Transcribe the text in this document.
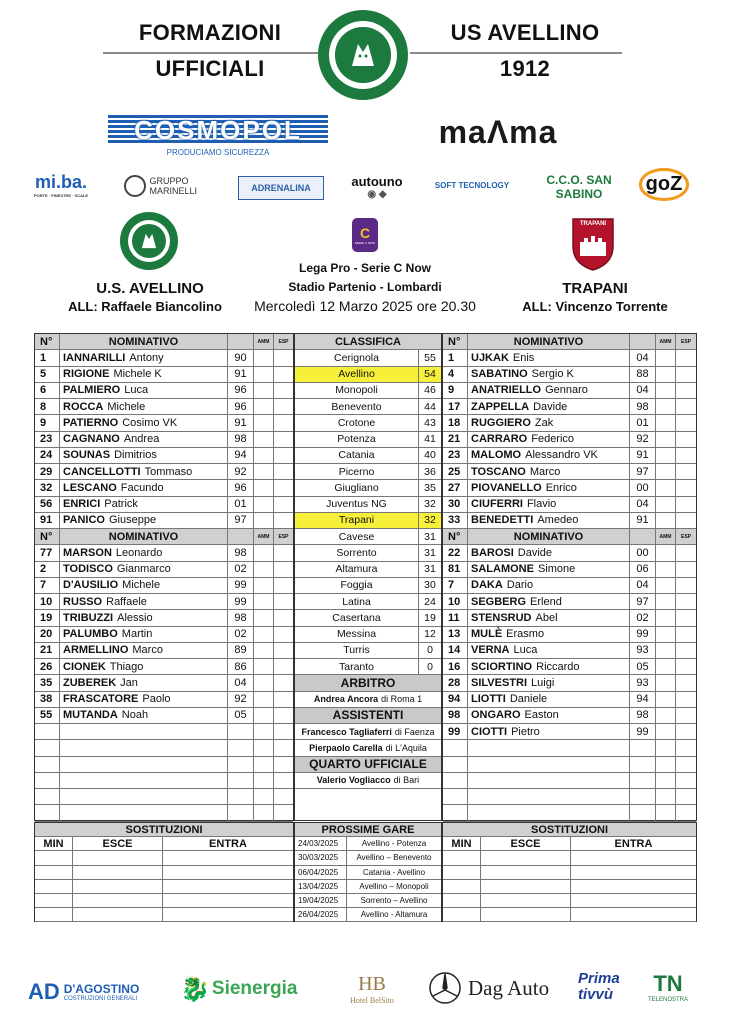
FORMAZIONI
UFFICIALI
US AVELLINO
1912
COSMOPOL
PRODUCIAMO SICUREZZA
maɅma
mi.ba.
PORTE · FINESTRE · SCALE
GRUPPO MARINELLI	ADRENALINA	autouno
◉ ◆
SOFT TECNOLOGY	C.C.O. SAN SABINO	goZ
U.S. AVELLINO
ALL: Raffaele Biancolino
C
SERIE C NOW
Lega Pro - Serie C Now
Stadio Partenio - Lombardi
Mercoledì 12 Marzo 2025 ore 20.30
TRAPANI
TRAPANI
ALL: Vincenzo Torrente
N°	NOMINATIVO	AMM	ESP
1	IANNARILLI Antony	90
5	RIGIONE Michele K	91
6	PALMIERO Luca	96
8	ROCCA Michele	96
9	PATIERNO Cosimo VK	91
23 CAGNANO Andrea	98
24 SOUNAS Dimitrios	94
29 CANCELLOTTI Tommaso	92
32 LESCANO Facundo	96
56 ENRICI Patrick	01
91 PANICO Giuseppe	97
N°	NOMINATIVO	AMM	ESP
77 MARSON Leonardo	98
2	TODISCO Gianmarco	02
7	D'AUSILIO Michele	99
10 RUSSO Raffaele	99
19 TRIBUZZI Alessio	98
20 PALUMBO Martin	02
21 ARMELLINO Marco	89
26 CIONEK Thiago	86
35 ZUBEREK Jan	04
38 FRASCATORE Paolo	92
55 MUTANDA Noah	05
CLASSIFICA
Cerignola	55
Avellino	54
Monopoli	46
Benevento	44
Crotone	43
Potenza	41
Catania	40
Picerno	36
Giugliano	35
Juventus NG	32
Trapani	32
Cavese	31
Sorrento	31
Altamura	31
Foggia	30
Latina	24
Casertana	19
Messina	12
Turris	0
Taranto	0
ARBITRO
Andrea Ancora di Roma 1
ASSISTENTI
Francesco Tagliaferri di Faenza
Pierpaolo Carella di L'Aquila
QUARTO UFFICIALE
Valerio Vogliacco di Bari
N°	NOMINATIVO	AMM	ESP
1	UJKAK Enis	04
4	SABATINO Sergio K	88
9	ANATRIELLO Gennaro	04
17 ZAPPELLA Davide	98
18 RUGGIERO Zak	01
21 CARRARO Federico	92
23 MALOMO Alessandro VK	91
25 TOSCANO Marco	97
27 PIOVANELLO Enrico	00
30 CIUFERRI Flavio	04
33 BENEDETTI Amedeo	91
N°	NOMINATIVO	AMM	ESP
22 BAROSI Davide	00
81 SALAMONE Simone	06
7	DAKA Dario	04
10 SEGBERG Erlend	97
11	STENSRUD Abel	02
13 MULÈ Erasmo	99
14 VERNA Luca	93
16 SCIORTINO Riccardo	05
28 SILVESTRI Luigi	93
94 LIOTTI Daniele	94
98 ONGARO Easton	98
99 CIOTTI Pietro	99
SOSTITUZIONI
MIN	ESCE	ENTRA
PROSSIME GARE
24/03/2025	Avellino - Potenza
30/03/2025	Avellino – Benevento
06/04/2025	Catania - Avellino
13/04/2025	Avellino – Monopoli
19/04/2025	Sorrento – Avellino
26/04/2025	Avellino - Altamura
SOSTITUZIONI
MIN	ESCE	ENTRA
AD D'AGOSTINO
COSTRUZIONI GENERALI 🐉 Sienergia	HB
Hotel BelSito
Dag Auto Prima tivvù	TN
TELENOSTRA
